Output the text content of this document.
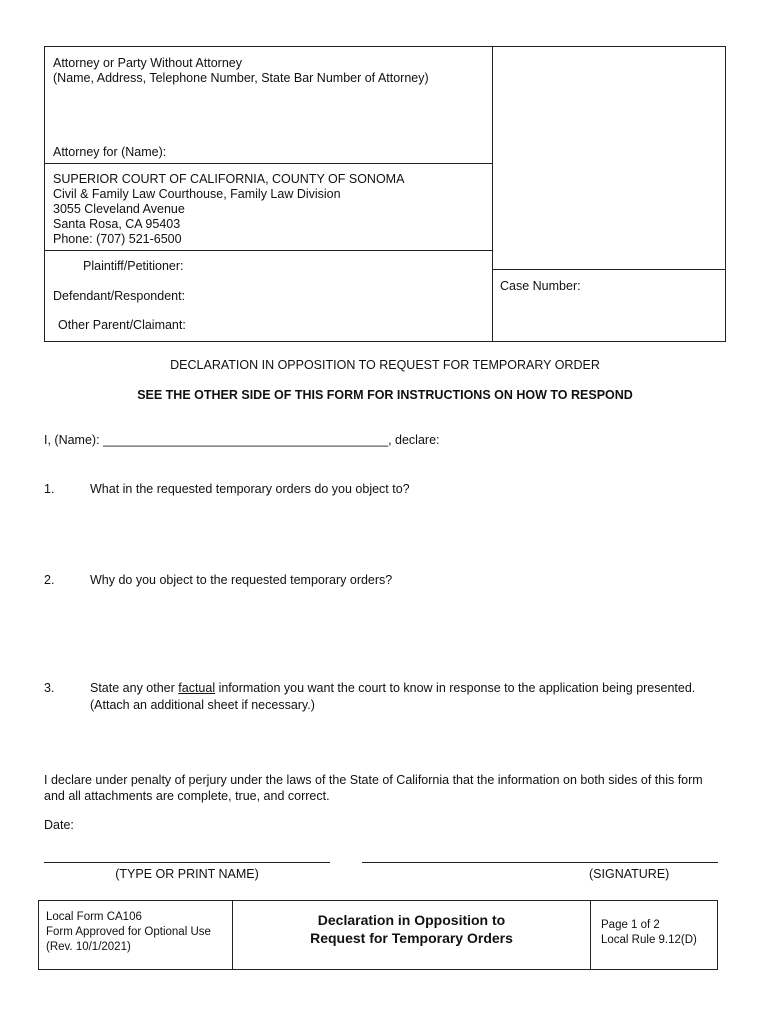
Attorney or Party Without Attorney
(Name, Address, Telephone Number, State Bar Number of Attorney)
Attorney for (Name):
SUPERIOR COURT OF CALIFORNIA, COUNTY OF SONOMA
Civil & Family Law Courthouse, Family Law Division
3055 Cleveland Avenue
Santa Rosa, CA 95403
Phone: (707) 521-6500
Plaintiff/Petitioner:
Defendant/Respondent:
Other Parent/Claimant:
Case Number:
DECLARATION IN OPPOSITION TO REQUEST FOR TEMPORARY ORDER
SEE THE OTHER SIDE OF THIS FORM FOR INSTRUCTIONS ON HOW TO RESPOND
I, (Name): _________________________________________, declare:
1.	What in the requested temporary orders do you object to?
2.	Why do you object to the requested temporary orders?
3.	State any other factual information you want the court to know in response to the application being presented.
(Attach an additional sheet if necessary.)
I declare under penalty of perjury under the laws of the State of California that the information on both sides of this form
and all attachments are complete, true, and correct.
Date:
(TYPE OR PRINT NAME)	(SIGNATURE)
Local Form CA106
Form Approved for Optional Use
(Rev. 10/1/2021)
Declaration in Opposition to
Request for Temporary Orders
Page 1 of 2
Local Rule 9.12(D)
